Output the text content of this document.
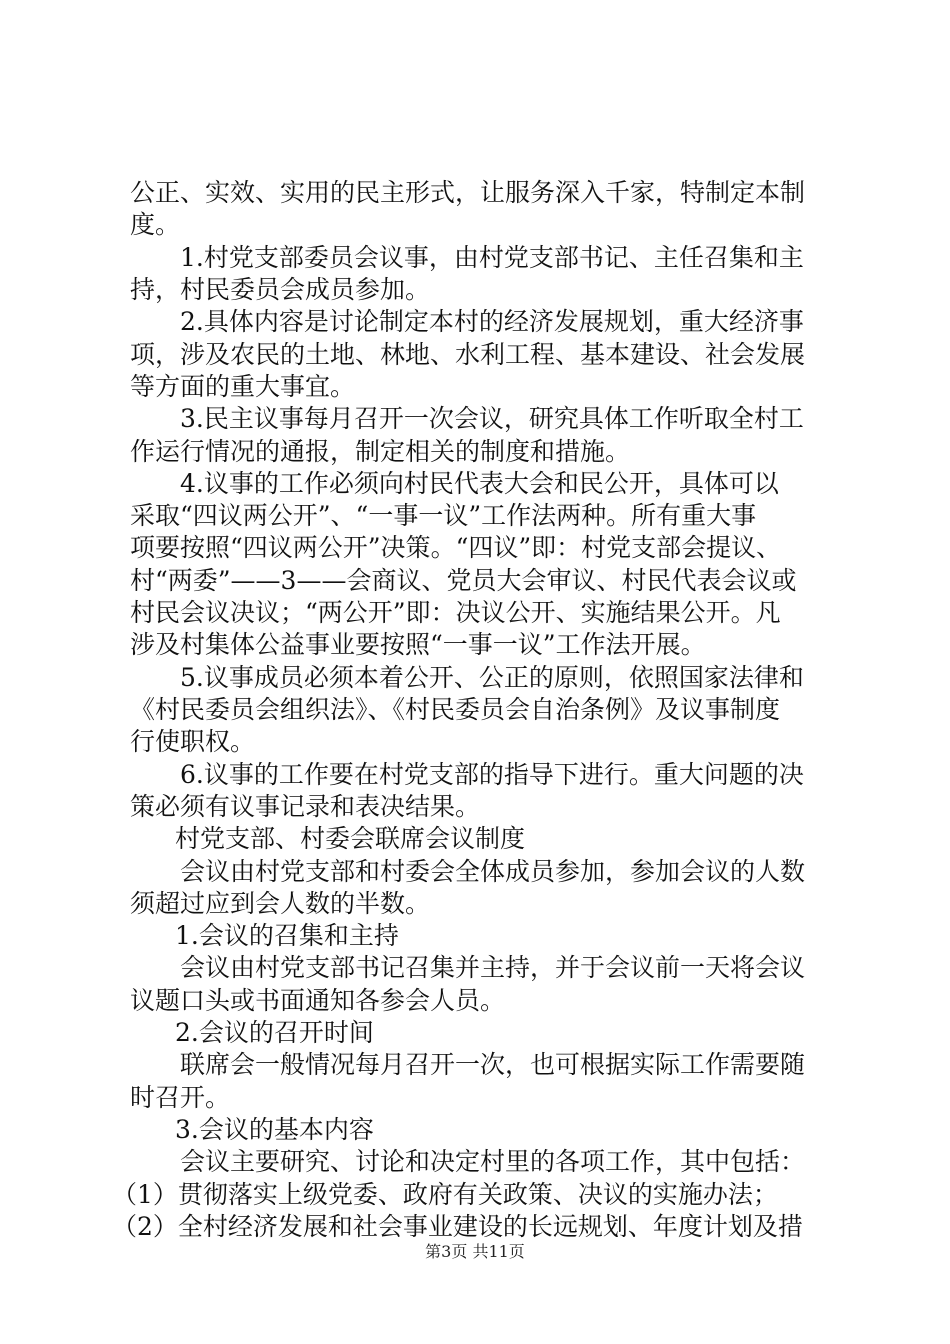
公正、实效、实用的民主形式，让服务深入千家，特制定本制
度。
1.村党支部委员会议事，由村党支部书记、主任召集和主
持，村民委员会成员参加。
2.具体内容是讨论制定本村的经济发展规划，重大经济事
项，涉及农民的土地、林地、水利工程、基本建设、社会发展
等方面的重大事宜。
3.民主议事每月召开一次会议，研究具体工作听取全村工
作运行情况的通报，制定相关的制度和措施。
4.议事的工作必须向村民代表大会和民公开，具体可以
采取“四议两公开”、“一事一议”工作法两种。所有重大事
项要按照“四议两公开”决策。“四议”即：村党支部会提议、
村“两委”——3——会商议、党员大会审议、村民代表会议或
村民会议决议；“两公开”即：决议公开、实施结果公开。凡
涉及村集体公益事业要按照“一事一议”工作法开展。
5.议事成员必须本着公开、公正的原则，依照国家法律和
《村民委员会组织法》、《村民委员会自治条例》及议事制度
行使职权。
6.议事的工作要在村党支部的指导下进行。重大问题的决
策必须有议事记录和表决结果。
村党支部、村委会联席会议制度
会议由村党支部和村委会全体成员参加，参加会议的人数
须超过应到会人数的半数。
1.会议的召集和主持
会议由村党支部书记召集并主持，并于会议前一天将会议
议题口头或书面通知各参会人员。
2.会议的召开时间
联席会一般情况每月召开一次，也可根据实际工作需要随
时召开。
3.会议的基本内容
会议主要研究、讨论和决定村里的各项工作，其中包括：
（1）贯彻落实上级党委、政府有关政策、决议的实施办法；
（2）全村经济发展和社会事业建设的长远规划、年度计划及措
第3页 共11页
